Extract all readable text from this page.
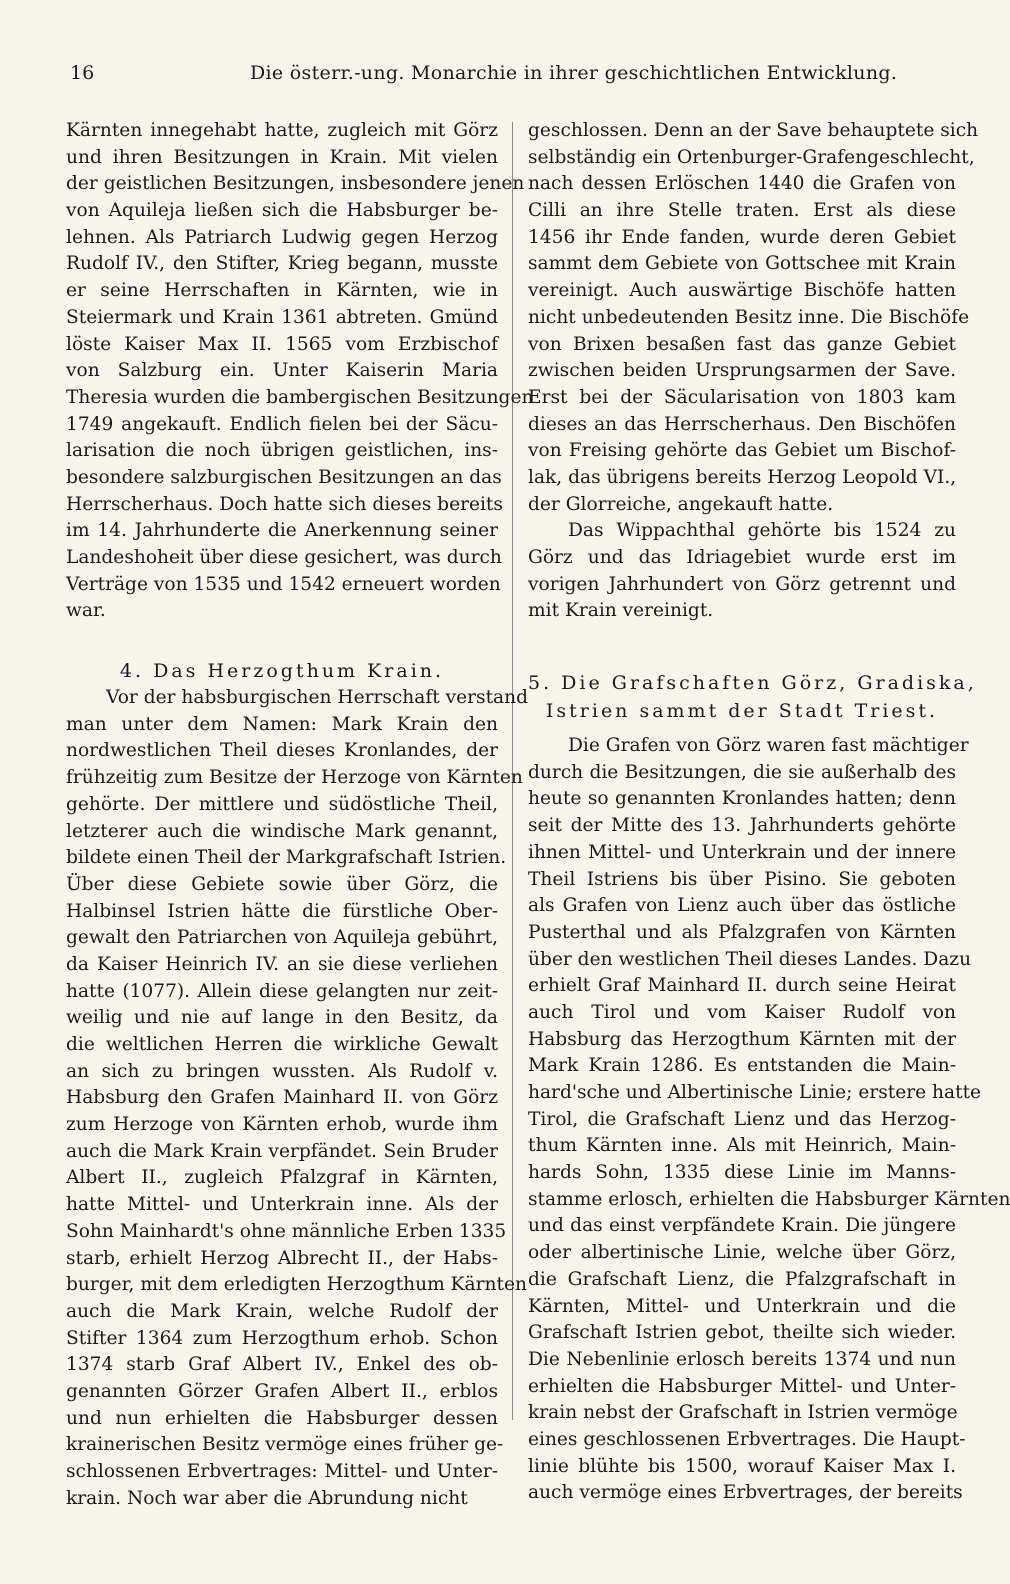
16	Die österr.-ung. Monarchie in ihrer geschichtlichen Entwicklung.
Kärnten innegehabt hatte, zugleich mit Görz
und ihren Besitzungen in Krain. Mit vielen
der geistlichen Besitzungen, insbesondere jenen
von Aquileja ließen sich die Habsburger be-
lehnen. Als Patriarch Ludwig gegen Herzog
Rudolf IV., den Stifter, Krieg begann, musste
er seine Herrschaften in Kärnten, wie in
Steiermark und Krain 1361 abtreten. Gmünd
löste Kaiser Max II. 1565 vom Erzbischof
von Salzburg ein. Unter Kaiserin Maria
Theresia wurden die bambergischen Besitzungen
1749 angekauft. Endlich fielen bei der Säcu-
larisation die noch übrigen geistlichen, ins-
besondere salzburgischen Besitzungen an das
Herrscherhaus. Doch hatte sich dieses bereits
im 14. Jahrhunderte die Anerkennung seiner
Landeshoheit über diese gesichert, was durch
Verträge von 1535 und 1542 erneuert worden
war.
4. Das Herzogthum Krain.
Vor der habsburgischen Herrschaft verstand
man unter dem Namen: Mark Krain den
nordwestlichen Theil dieses Kronlandes, der
frühzeitig zum Besitze der Herzoge von Kärnten
gehörte. Der mittlere und südöstliche Theil,
letzterer auch die windische Mark genannt,
bildete einen Theil der Markgrafschaft Istrien.
Über diese Gebiete sowie über Görz, die
Halbinsel Istrien hätte die fürstliche Ober-
gewalt den Patriarchen von Aquileja gebührt,
da Kaiser Heinrich IV. an sie diese verliehen
hatte (1077). Allein diese gelangten nur zeit-
weilig und nie auf lange in den Besitz, da
die weltlichen Herren die wirkliche Gewalt
an sich zu bringen wussten. Als Rudolf v.
Habsburg den Grafen Mainhard II. von Görz
zum Herzoge von Kärnten erhob, wurde ihm
auch die Mark Krain verpfändet. Sein Bruder
Albert II., zugleich Pfalzgraf in Kärnten,
hatte Mittel- und Unterkrain inne. Als der
Sohn Mainhardt's ohne männliche Erben 1335
starb, erhielt Herzog Albrecht II., der Habs-
burger, mit dem erledigten Herzogthum Kärnten
auch die Mark Krain, welche Rudolf der
Stifter 1364 zum Herzogthum erhob. Schon
1374 starb Graf Albert IV., Enkel des ob-
genannten Görzer Grafen Albert II., erblos
und nun erhielten die Habsburger dessen
krainerischen Besitz vermöge eines früher ge-
schlossenen Erbvertrages: Mittel- und Unter-
krain. Noch war aber die Abrundung nicht
geschlossen. Denn an der Save behauptete sich
selbständig ein Ortenburger-Grafengeschlecht,
nach dessen Erlöschen 1440 die Grafen von
Cilli an ihre Stelle traten. Erst als diese
1456 ihr Ende fanden, wurde deren Gebiet
sammt dem Gebiete von Gottschee mit Krain
vereinigt. Auch auswärtige Bischöfe hatten
nicht unbedeutenden Besitz inne. Die Bischöfe
von Brixen besaßen fast das ganze Gebiet
zwischen beiden Ursprungsarmen der Save.
Erst bei der Säcularisation von 1803 kam
dieses an das Herrscherhaus. Den Bischöfen
von Freising gehörte das Gebiet um Bischof-
lak, das übrigens bereits Herzog Leopold VI.,
der Glorreiche, angekauft hatte.
Das Wippachthal gehörte bis 1524 zu
Görz und das Idriagebiet wurde erst im
vorigen Jahrhundert von Görz getrennt und
mit Krain vereinigt.
5. Die Grafschaften Görz, Gradiska,
Istrien sammt der Stadt Triest.
Die Grafen von Görz waren fast mächtiger
durch die Besitzungen, die sie außerhalb des
heute so genannten Kronlandes hatten; denn
seit der Mitte des 13. Jahrhunderts gehörte
ihnen Mittel- und Unterkrain und der innere
Theil Istriens bis über Pisino. Sie geboten
als Grafen von Lienz auch über das östliche
Pusterthal und als Pfalzgrafen von Kärnten
über den westlichen Theil dieses Landes. Dazu
erhielt Graf Mainhard II. durch seine Heirat
auch Tirol und vom Kaiser Rudolf von
Habsburg das Herzogthum Kärnten mit der
Mark Krain 1286. Es entstanden die Main-
hard'sche und Albertinische Linie; erstere hatte
Tirol, die Grafschaft Lienz und das Herzog-
thum Kärnten inne. Als mit Heinrich, Main-
hards Sohn, 1335 diese Linie im Manns-
stamme erlosch, erhielten die Habsburger Kärnten
und das einst verpfändete Krain. Die jüngere
oder albertinische Linie, welche über Görz,
die Grafschaft Lienz, die Pfalzgrafschaft in
Kärnten, Mittel- und Unterkrain und die
Grafschaft Istrien gebot, theilte sich wieder.
Die Nebenlinie erlosch bereits 1374 und nun
erhielten die Habsburger Mittel- und Unter-
krain nebst der Grafschaft in Istrien vermöge
eines geschlossenen Erbvertrages. Die Haupt-
linie blühte bis 1500, worauf Kaiser Max I.
auch vermöge eines Erbvertrages, der bereits
